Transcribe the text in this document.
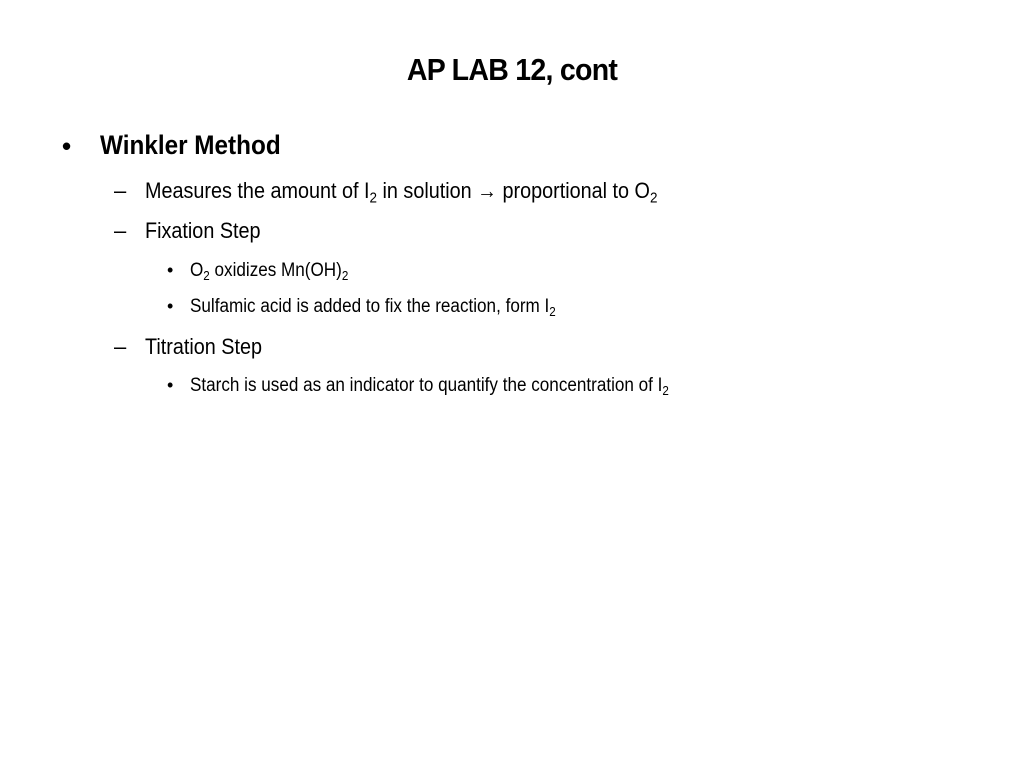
AP LAB 12, cont
• Winkler Method
– Measures the amount of $I_2$ in solution → proportional to $O_2$
– Fixation Step
• $O_2$ oxidizes $Mn(OH)_2$
• Sulfamic acid is added to fix the reaction, form $I_2$
– Titration Step
• Starch is used as an indicator to quantify the concentration of $I_2$
